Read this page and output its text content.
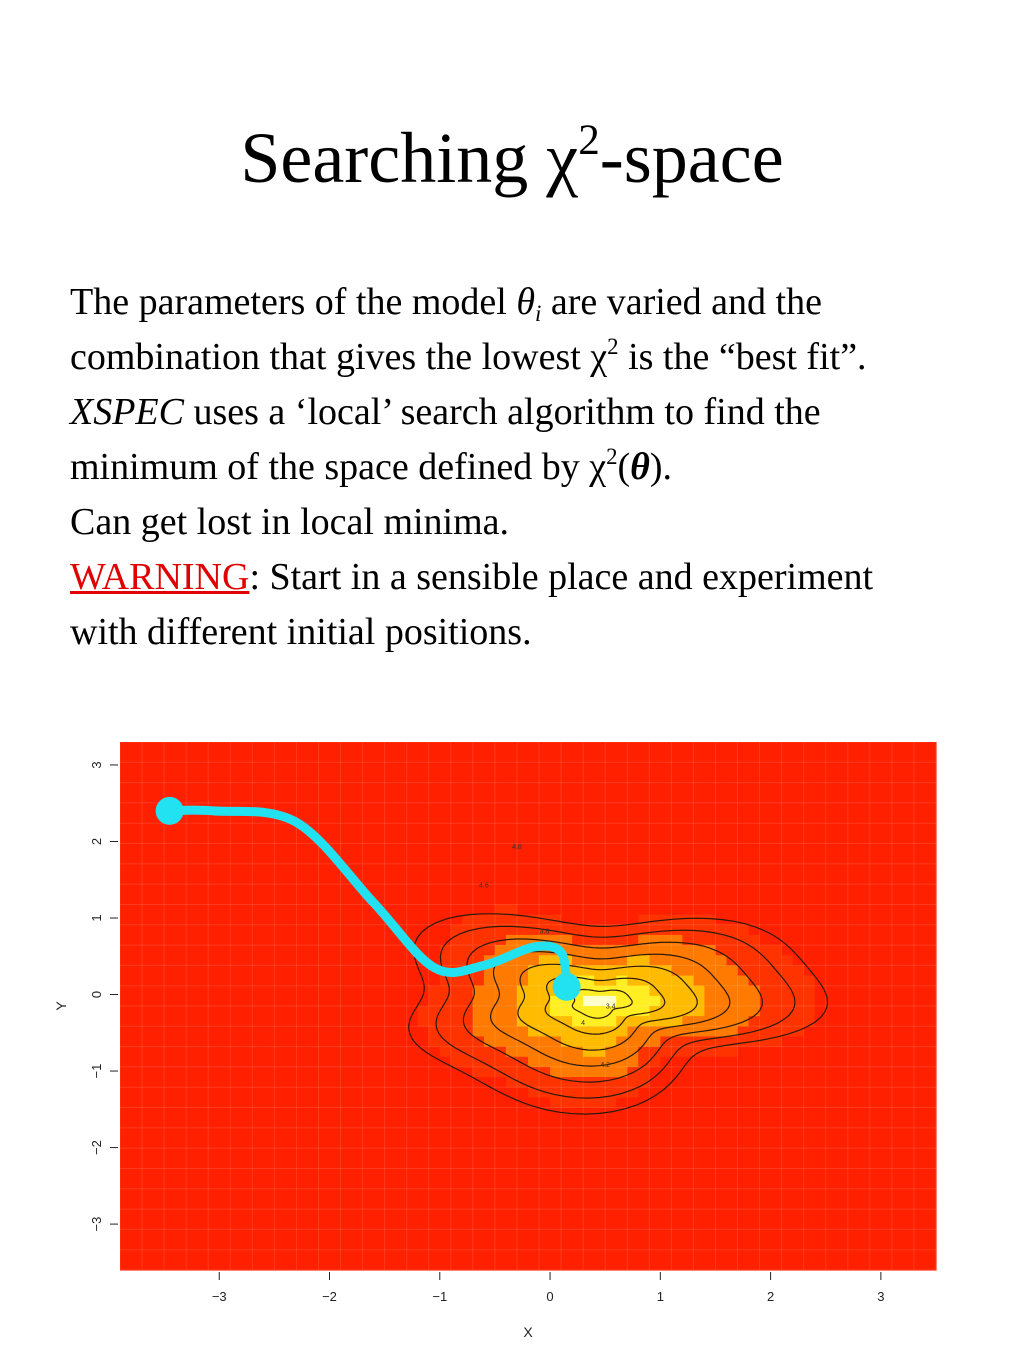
Searching $\chi^2$-space

The parameters of the model $\theta_i$ are varied and the combination that gives the lowest $\chi^2$ is the “best fit”.

XSPEC uses a ‘local’ search algorithm to find the minimum of the space defined by $\chi^2(\theta)$.

Can get lost in local minima.

WARNING: Start in a sensible place and experiment with different initial positions.

3.4
3.8
4
4.2
4.6
4.8
−3	−2	−1	0	1	2	3
−3
−2
−1
0
1
2
3
X
Y
